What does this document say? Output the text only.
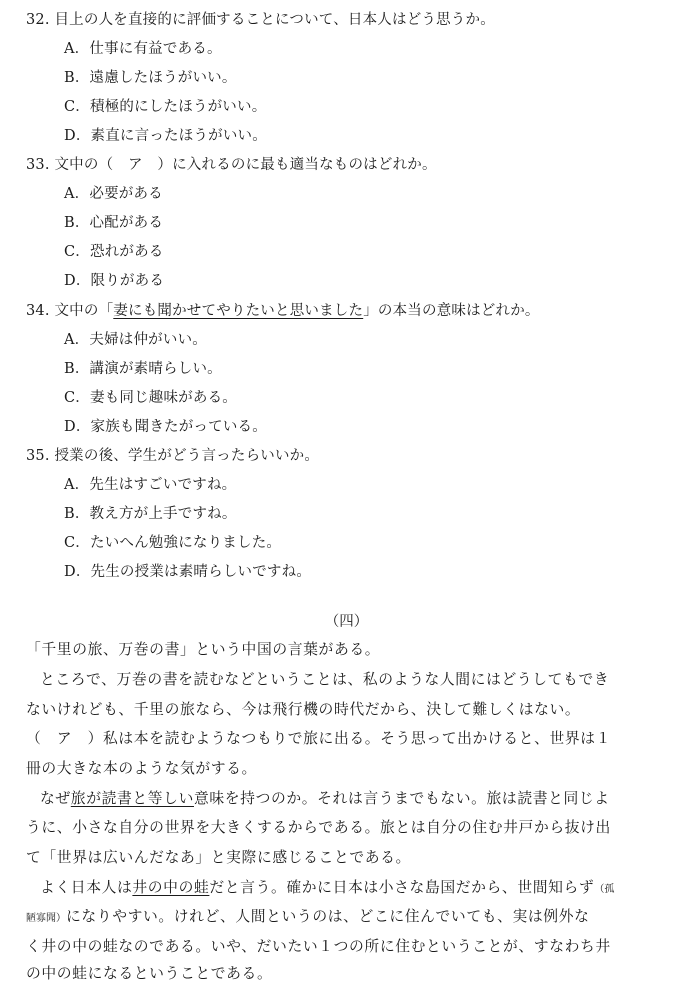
32. 目上の人を直接的に評価することについて、日本人はどう思うか。
A．仕事に有益である。
B．遠慮したほうがいい。
C．積極的にしたほうがいい。
D．素直に言ったほうがいい。
33. 文中の（　ア　）に入れるのに最も適当なものはどれか。
A．必要がある
B．心配がある
C．恐れがある
D．限りがある
34. 文中の「妻にも聞かせてやりたいと思いました」の本当の意味はどれか。
A．夫婦は仲がいい。
B．講演が素晴らしい。
C．妻も同じ趣味がある。
D．家族も聞きたがっている。
35. 授業の後、学生がどう言ったらいいか。
A．先生はすごいですね。
B．教え方が上手ですね。
C．たいへん勉強になりました。
D．先生の授業は素晴らしいですね。
（四）
「千里の旅、万巻の書」という中国の言葉がある。
ところで、万巻の書を読むなどということは、私のような人間にはどうしてもでき
ないけれども、千里の旅なら、今は飛行機の時代だから、決して難しくはない。
（　ア　）私は本を読むようなつもりで旅に出る。そう思って出かけると、世界は１
冊の大きな本のような気がする。
なぜ旅が読書と等しい意味を持つのか。それは言うまでもない。旅は読書と同じよ
うに、小さな自分の世界を大きくするからである。旅とは自分の住む井戸から抜け出
て「世界は広いんだなあ」と実際に感じることである。
よく日本人は井の中の蛙だと言う。確かに日本は小さな島国だから、世間知らず（孤
陋寡聞）になりやすい。けれど、人間というのは、どこに住んでいても、実は例外な
く井の中の蛙なのである。いや、だいたい１つの所に住むということが、すなわち井
の中の蛙になるということである。
